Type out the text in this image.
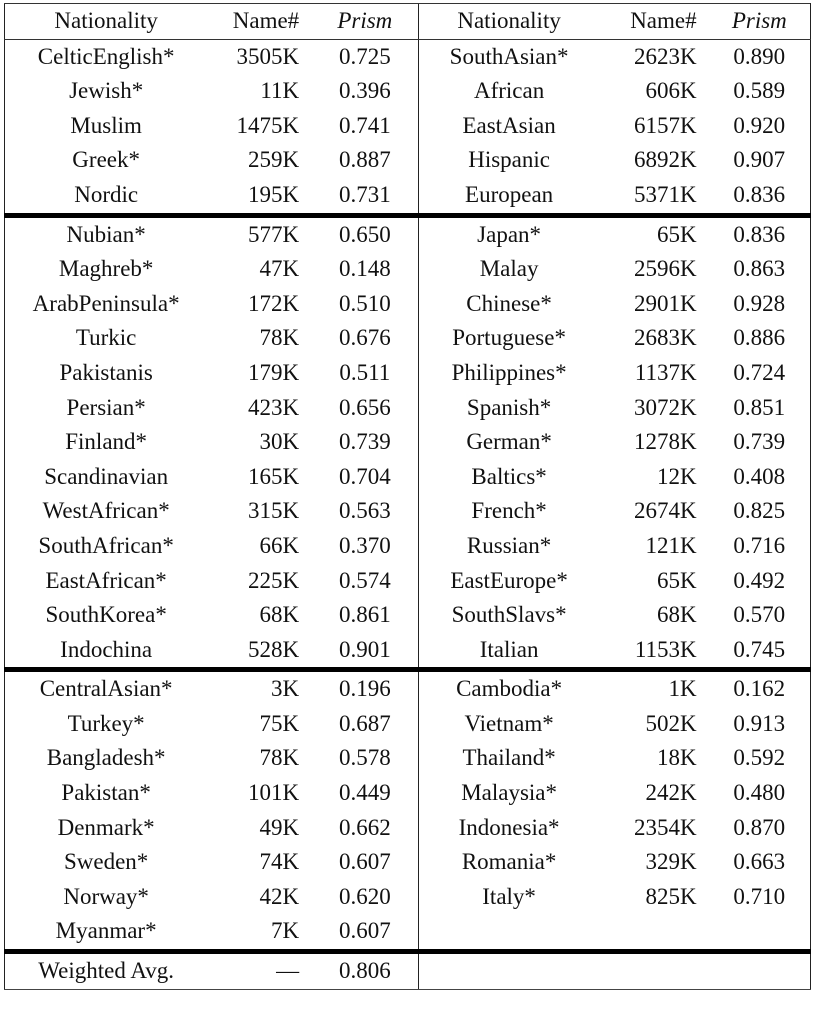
Nationality	Name#	Prism	Nationality	Name#	Prism
CelticEnglish*	3505K	0.725	SouthAsian*	2623K	0.890
Jewish*	11K	0.396	African	606K	0.589
Muslim	1475K	0.741	EastAsian	6157K	0.920
Greek*	259K	0.887	Hispanic	6892K	0.907
Nordic	195K	0.731	European	5371K	0.836
Nubian*	577K	0.650	Japan*	65K	0.836
Maghreb*	47K	0.148	Malay	2596K	0.863
ArabPeninsula*	172K	0.510	Chinese*	2901K	0.928
Turkic	78K	0.676	Portuguese*	2683K	0.886
Pakistanis	179K	0.511	Philippines*	1137K	0.724
Persian*	423K	0.656	Spanish*	3072K	0.851
Finland*	30K	0.739	German*	1278K	0.739
Scandinavian	165K	0.704	Baltics*	12K	0.408
WestAfrican*	315K	0.563	French*	2674K	0.825
SouthAfrican*	66K	0.370	Russian*	121K	0.716
EastAfrican*	225K	0.574	EastEurope*	65K	0.492
SouthKorea*	68K	0.861	SouthSlavs*	68K	0.570
Indochina	528K	0.901	Italian	1153K	0.745
CentralAsian*	3K	0.196	Cambodia*	1K	0.162
Turkey*	75K	0.687	Vietnam*	502K	0.913
Bangladesh*	78K	0.578	Thailand*	18K	0.592
Pakistan*	101K	0.449	Malaysia*	242K	0.480
Denmark*	49K	0.662	Indonesia*	2354K	0.870
Sweden*	74K	0.607	Romania*	329K	0.663
Norway*	42K	0.620	Italy*	825K	0.710
Myanmar*	7K	0.607			
Weighted Avg.	—	0.806			
